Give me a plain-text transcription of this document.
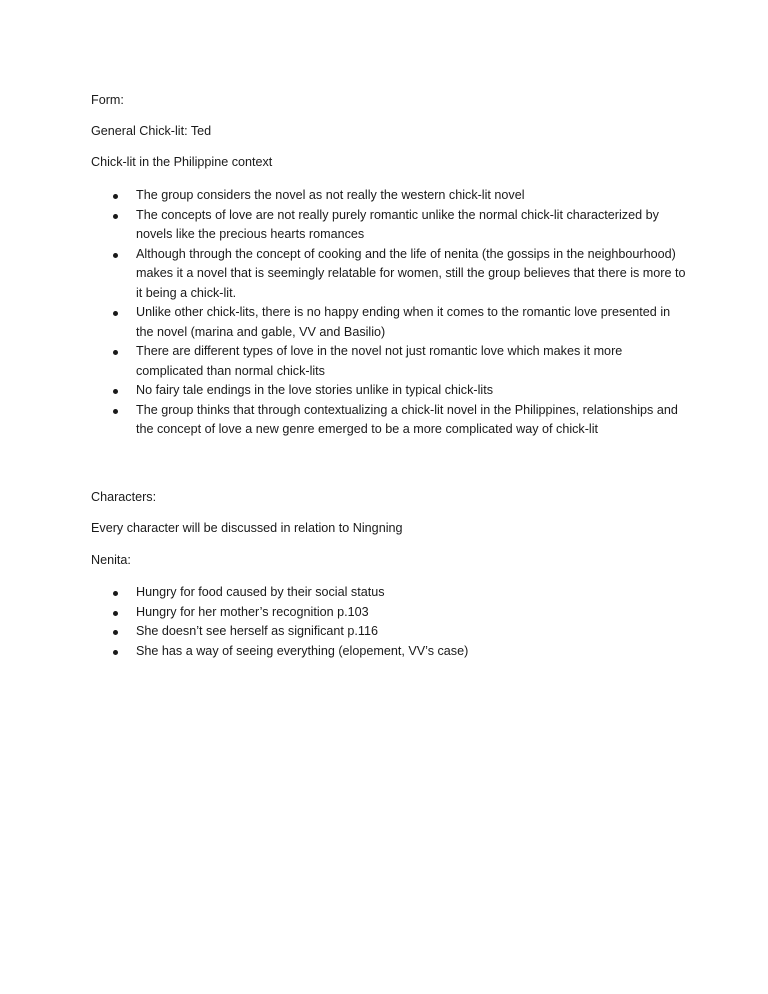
Form:

General Chick-lit: Ted

Chick-lit in the Philippine context

The group considers the novel as not really the western chick-lit novel
The concepts of love are not really purely romantic unlike the normal chick-lit characterized by novels like the precious hearts romances
Although through the concept of cooking and the life of nenita (the gossips in the neighbourhood) makes it a novel that is seemingly relatable for women, still the group believes that there is more to it being a chick-lit.
Unlike other chick-lits, there is no happy ending when it comes to the romantic love presented in the novel (marina and gable, VV and Basilio)
There are different types of love in the novel not just romantic love which makes it more complicated than normal chick-lits
No fairy tale endings in the love stories unlike in typical chick-lits
The group thinks that through contextualizing a chick-lit novel in the Philippines, relationships and the concept of love a new genre emerged to be a more complicated way of chick-lit

Characters:

Every character will be discussed in relation to Ningning

Nenita:

Hungry for food caused by their social status
Hungry for her mother’s recognition p.103
She doesn’t see herself as significant p.116
She has a way of seeing everything (elopement, VV’s case)
